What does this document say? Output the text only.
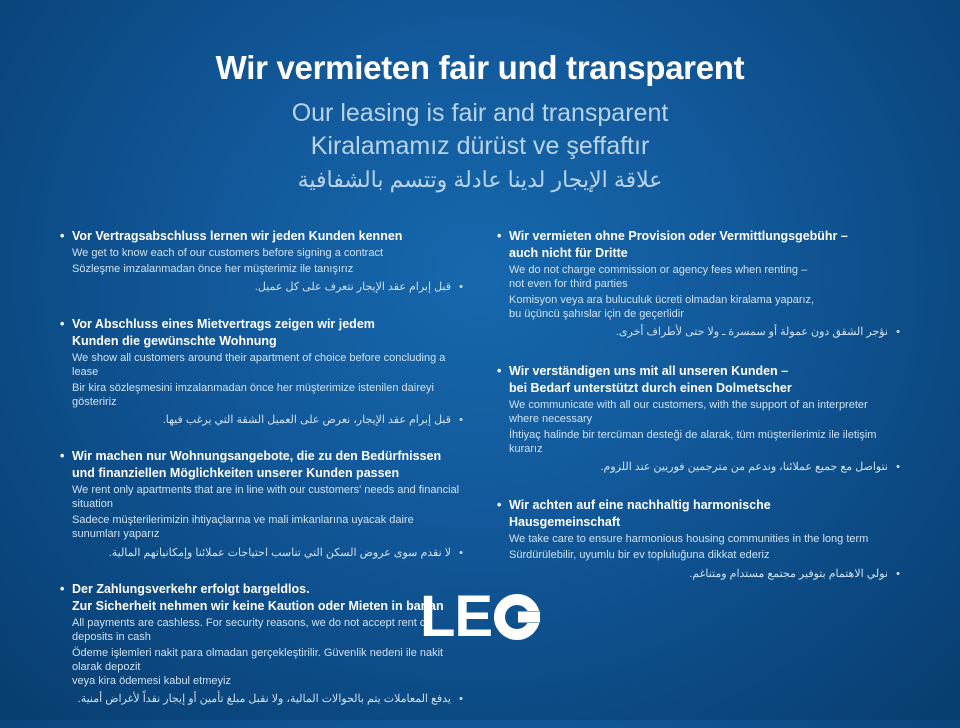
Wir vermieten fair und transparent
Our leasing is fair and transparent
Kiralamamız dürüst ve şeffaftır
علاقة الإيجار لدينا عادلة وتتسم بالشفافية
• Vor Vertragsabschluss lernen wir jeden Kunden kennen
We get to know each of our customers before signing a contract
Sözleşme imzalanmadan önce her müşterimiz ile tanışırız
• قبل إبرام عقد الإيجار نتعرف على كل عميل.
• Vor Abschluss eines Mietvertrags zeigen wir jedem
Kunden die gewünschte Wohnung
We show all customers around their apartment of choice before concluding a lease
Bir kira sözleşmesini imzalanmadan önce her müşterimize istenilen daireyi gösteririz
• قبل إبرام عقد الإيجار، نعرض على العميل الشقة التي يرغب فيها.
• Wir machen nur Wohnungsangebote, die zu den Bedürfnissen
und finanziellen Möglichkeiten unserer Kunden passen
We rent only apartments that are in line with our customers' needs and financial situation
Sadece müşterilerimizin ihtiyaçlarına ve mali imkanlarına uyacak daire sunumları yaparız
• لا نقدم سوى عروض السكن التي تناسب احتياجات عملائنا وإمكانياتهم المالية.
• Der Zahlungsverkehr erfolgt bargeldlos.
Zur Sicherheit nehmen wir keine Kaution oder Mieten in bar an
All payments are cashless. For security reasons, we do not accept rent or deposits in cash
Ödeme işlemleri nakit para olmadan gerçekleştirilir. Güvenlik nedeni ile nakit olarak depozit
veya kira ödemesi kabul etmeyiz
• يدفع المعاملات يتم بالحوالات المالية، ولا نقبل مبلغ تأمين أو إيجار نقداً لأغراض أمنية.
• Wir vermieten ohne Provision oder Vermittlungsgebühr –
auch nicht für Dritte
We do not charge commission or agency fees when renting –
not even for third parties
Komisyon veya ara buluculuk ücreti olmadan kiralama yaparız,
bu üçüncü şahıslar için de geçerlidir
• نؤجر الشقق دون عمولة أو سمسرة ـ ولا حتى لأطراف أخرى.
• Wir verständigen uns mit all unseren Kunden –
bei Bedarf unterstützt durch einen Dolmetscher
We communicate with all our customers, with the support of an interpreter
where necessary
İhtiyaç halinde bir tercüman desteği de alarak, tüm müşterilerimiz ile iletişim kurarız
• نتواصل مع جميع عملائنا، وندعم من مترجمين فوريين عند اللزوم.
• Wir achten auf eine nachhaltig harmonische
Hausgemeinschaft
We take care to ensure harmonious housing communities in the long term
Sürdürülebilir, uyumlu bir ev topluluğuna dikkat ederiz
• نولي الاهتمام بتوفير مجتمع مستدام ومتناغم.
LE
